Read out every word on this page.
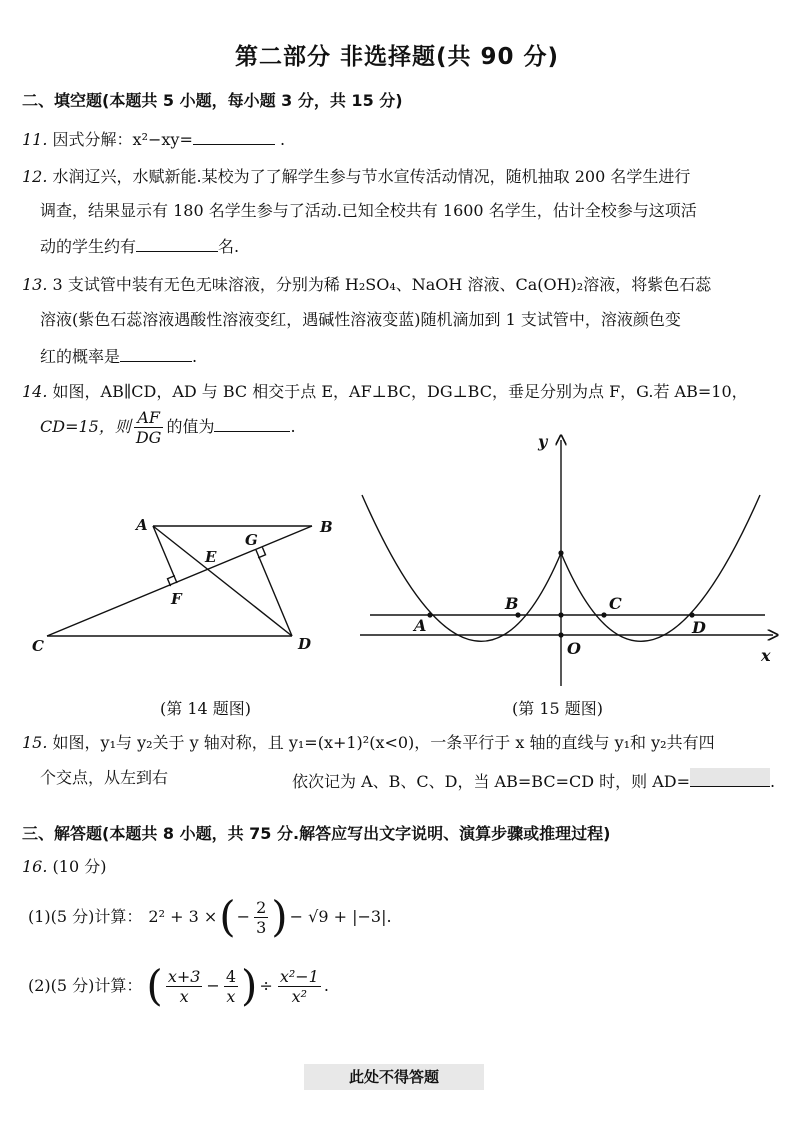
第二部分 非选择题(共 90 分)
二、填空题(本题共 5 小题，每小题 3 分，共 15 分)
11. 因式分解：x²−xy=	.
12. 水润辽兴，水赋新能.某校为了了解学生参与节水宣传活动情况，随机抽取 200 名学生进行
调查，结果显示有 180 名学生参与了活动.已知全校共有 1600 名学生，估计全校参与这项活
动的学生约有	名.
13. 3 支试管中装有无色无味溶液，分别为稀 H₂SO₄、NaOH 溶液、Ca(OH)₂溶液，将紫色石蕊
溶液(紫色石蕊溶液遇酸性溶液变红，遇碱性溶液变蓝)随机滴加到 1 支试管中，溶液颜色变
红的概率是	.
14. 如图，AB∥CD，AD 与 BC 相交于点 E，AF⊥BC，DG⊥BC，垂足分别为点 F，G.若 AB=10，
CD=15，则 $\frac{AF}{DG}$ 的值为	.
A	B
C	D
E
F
G
(第 14 题图)
y
x
O
A
B	C
D
(第 15 题图)
15. 如图，y₁与 y₂关于 y 轴对称，且 y₁=(x+1)²(x<0)，一条平行于 x 轴的直线与 y₁和 y₂共有四
个交点，从左到右	依次记为 A、B、C、D，当 AB=BC=CD 时，则 AD=	.
三、解答题(本题共 8 小题，共 75 分.解答应写出文字说明、演算步骤或推理过程)
16. (10 分)
(1)(5 分)计算： 2² + 3 × ( − $\frac{2}{3}$ ) − √9 + |−3|.
(2)(5 分)计算： ( $\frac{x+3}{x} - \frac{4}{x}$ ) ÷ $\frac{\text{x²−1}}{\text{x²}}$ .
此处不得答题
